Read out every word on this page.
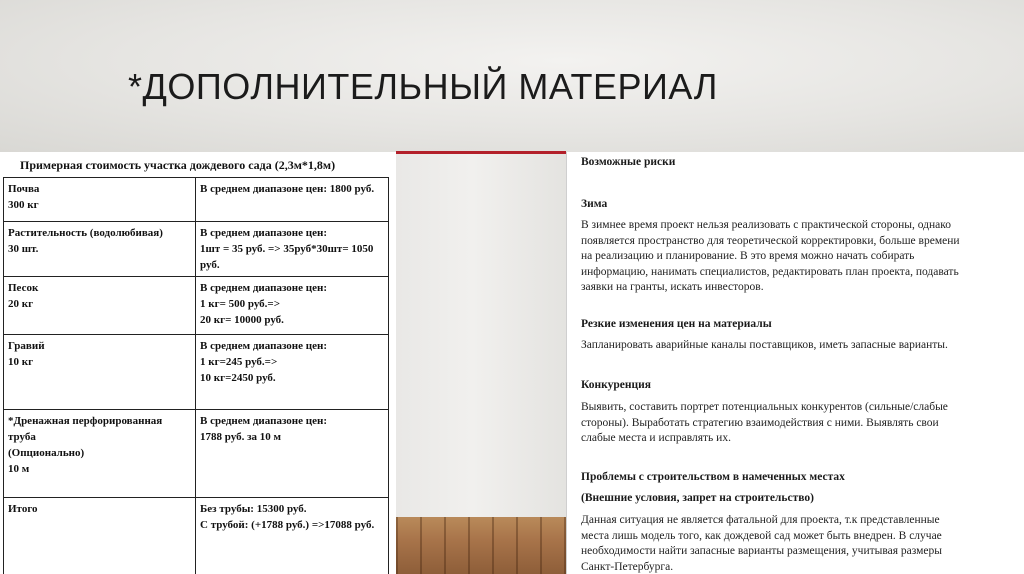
*ДОПОЛНИТЕЛЬНЫЙ МАТЕРИАЛ
Примерная стоимость участка дождевого сада (2,3м*1,8м)
Почва
300 кг	В среднем диапазоне цен: 1800 руб.

Растительность (водолюбивая)
30 шт.	В среднем диапазоне цен:
1шт = 35 руб. => 35руб*30шт= 1050
руб.

Песок
20 кг	В среднем диапазоне цен:
1 кг= 500 руб.=>
20 кг= 10000 руб.

Гравий
10 кг	В среднем диапазоне цен:
1 кг=245 руб.=>
10 кг=2450 руб.

*Дренажная перфорированная труба
(Опционально)
10 м	В среднем диапазоне цен:
1788 руб. за 10 м

Итого	Без трубы: 15300 руб.
С трубой: (+1788 руб.) =>17088 руб.
Возможные риски
Зима
В зимнее время проект нельзя реализовать с практической стороны, однако
появляется пространство для теоретической корректировки, больше времени
на реализацию и планирование. В это время можно начать собирать
информацию, нанимать специалистов, редактировать план проекта, подавать
заявки на гранты, искать инвесторов.
Резкие изменения цен на материалы
Запланировать аварийные каналы поставщиков, иметь запасные варианты.
Конкуренция
Выявить, составить портрет потенциальных конкурентов (сильные/слабые
стороны). Выработать стратегию взаимодействия с ними. Выявлять свои
слабые места и исправлять их.
Проблемы с строительством в намеченных местах
(Внешние условия, запрет на строительство)
Данная ситуация не является фатальной для проекта, т.к представленные
места лишь модель того, как дождевой сад может быть внедрен. В случае
необходимости найти запасные варианты размещения, учитывая размеры
Санкт-Петербурга.
